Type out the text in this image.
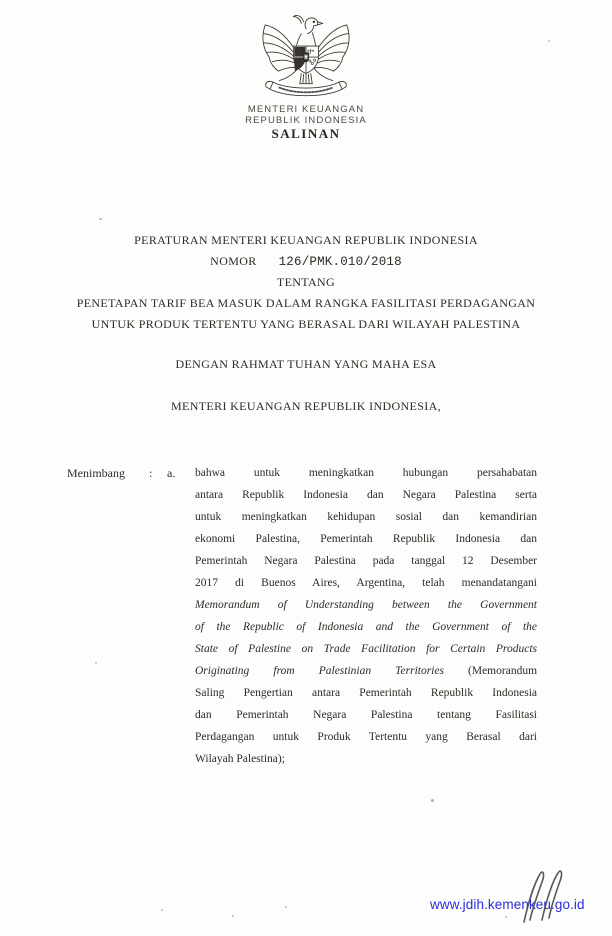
MENTERI KEUANGAN
REPUBLIK INDONESIA
SALINAN
PERATURAN MENTERI KEUANGAN REPUBLIK INDONESIA
NOMOR 126/PMK.010/2018
TENTANG
PENETAPAN TARIF BEA MASUK DALAM RANGKA FASILITASI PERDAGANGAN
UNTUK PRODUK TERTENTU YANG BERASAL DARI WILAYAH PALESTINA
DENGAN RAHMAT TUHAN YANG MAHA ESA
MENTERI KEUANGAN REPUBLIK INDONESIA,
Menimbang : a. bahwa untuk meningkatkan hubungan persahabatan
antara Republik Indonesia dan Negara Palestina serta
untuk meningkatkan kehidupan sosial dan kemandirian
ekonomi Palestina, Pemerintah Republik Indonesia dan
Pemerintah Negara Palestina pada tanggal 12 Desember
2017 di Buenos Aires, Argentina, telah menandatangani
Memorandum of Understanding between the Government
of the Republic of Indonesia and the Government of the
State of Palestine on Trade Facilitation for Certain Products
Originating from Palestinian Territories (Memorandum
Saling Pengertian antara Pemerintah Republik Indonesia
dan Pemerintah Negara Palestina tentang Fasilitasi
Perdagangan untuk Produk Tertentu yang Berasal dari
Wilayah Palestina);
www.jdih.kemenkeu.go.id
